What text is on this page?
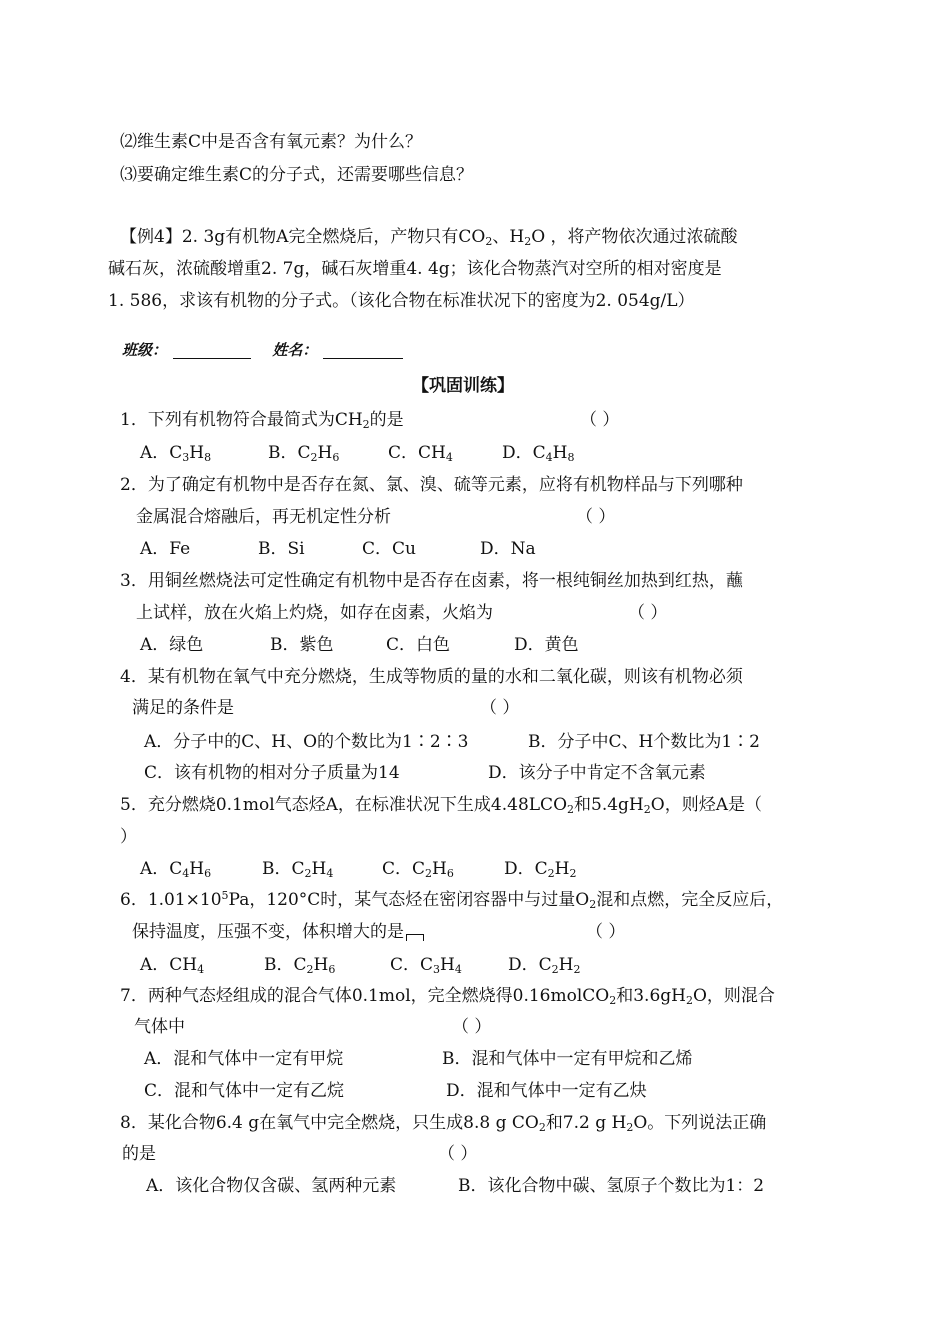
⑵维生素C中是否含有氧元素？为什么？
⑶要确定维生素C的分子式，还需要哪些信息？
【例4】2. 3g有机物A完全燃烧后，产物只有$CO_2$、$H_2O$ ，将产物依次通过浓硫酸
碱石灰，浓硫酸增重2. 7g，碱石灰增重4. 4g；该化合物蒸汽对空所的相对密度是
1. 586，求该有机物的分子式。（该化合物在标准状况下的密度为2. 054g/L）
班级：	姓名：
【巩固训练】
1．下列有机物符合最简式为$CH_2$的是	（ ）
A．$C_3H_8$	B．$C_2H_6$	C．$CH_4$	D．$C_4H_8$
2．为了确定有机物中是否存在氮、氯、溴、硫等元素，应将有机物样品与下列哪种
金属混合熔融后，再无机定性分析	（ ）
A．Fe	B．Si	C．Cu	D．Na
3．用铜丝燃烧法可定性确定有机物中是否存在卤素，将一根纯铜丝加热到红热，蘸
上试样，放在火焰上灼烧，如存在卤素，火焰为	（ ）
A．绿色	B．紫色	C．白色	D．黄色
4．某有机物在氧气中充分燃烧，生成等物质的量的水和二氧化碳，则该有机物必须
满足的条件是	（ ）
A．分子中的C、H、O的个数比为1∶2∶3	B．分子中C、H个数比为1∶2
C．该有机物的相对分子质量为14	D．该分子中肯定不含氧元素
5．充分燃烧0.1mol气态烃A，在标准状况下生成$4.48LCO_2$和$5.4gH_2O$，则烃A是（
）
A．$C_4H_6$	B．$C_2H_4$	C．$C_2H_6$	D．$C_2H_2$
6．$1.01\times 10^5Pa$，120°C时，某气态烃在密闭容器中与过量$O_2$混和点燃，完全反应后，
保持温度，压强不变，体积增大的是	（ ）
A．$CH_4$	B．$C_2H_6$	C．$C_3H_4$	D．$C_2H_2$
7．两种气态烃组成的混合气体0.1mol，完全燃烧得0.16molCO$_2$和$3.6gH_2O$，则混合
气体中	（ ）
A．混和气体中一定有甲烷	B．混和气体中一定有甲烷和乙烯
C．混和气体中一定有乙烷	D．混和气体中一定有乙炔
8．某化合物6.4 g在氧气中完全燃烧，只生成8.8 g $CO_2$和7.2 g $H_2O$。下列说法正确
的是	（ ）
A．该化合物仅含碳、氢两种元素	B．该化合物中碳、氢原子个数比为1：2
